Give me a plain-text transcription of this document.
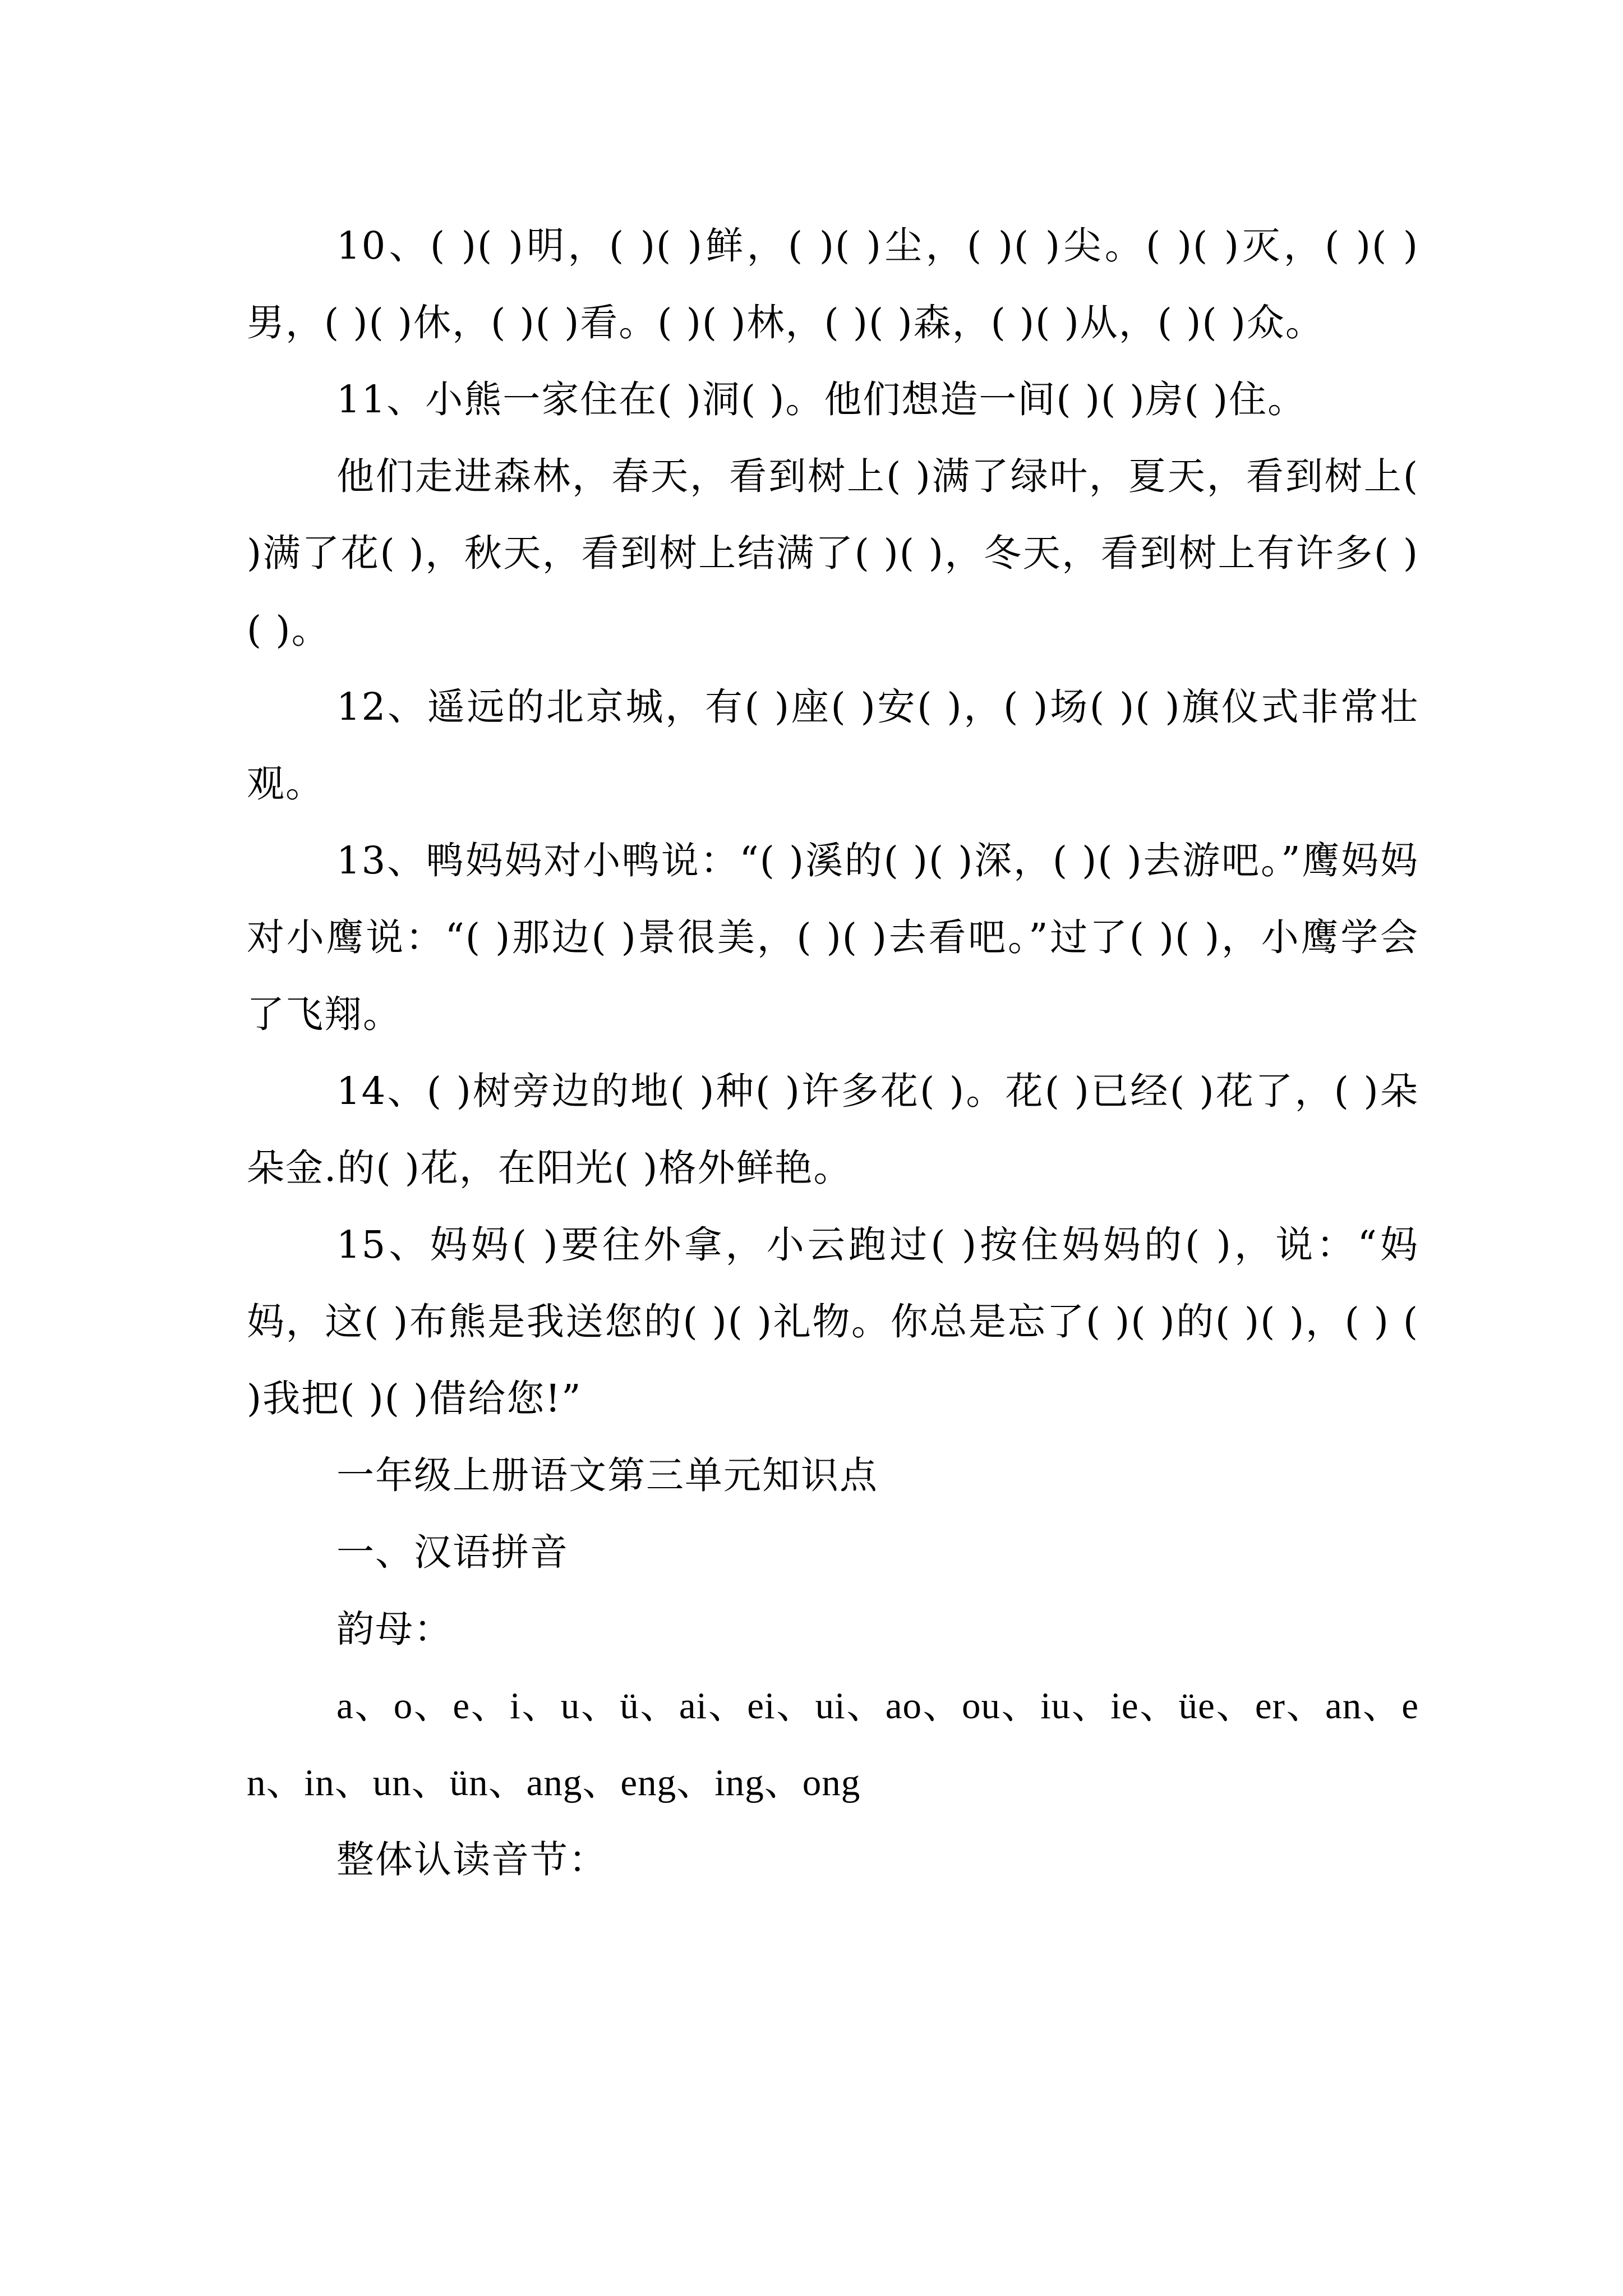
10、( )( )明，( )( )鲜，( )( )尘，( )( )尖。( )( )灭，( )( )男，( )( )休，( )( )看。( )( )林，( )( )森，( )( )从，( )( )众。

11、小熊一家住在( )洞( )。他们想造一间( )( )房( )住。

他们走进森林，春天，看到树上( )满了绿叶，夏天，看到树上( )满了花( )，秋天，看到树上结满了( )( )，冬天，看到树上有许多( )( )。

12、遥远的北京城，有( )座( )安( )，( )场( )( )旗仪式非常壮观。

13、鸭妈妈对小鸭说：“( )溪的( )( )深，( )( )去游吧。”鹰妈妈对小鹰说：“( )那边( )景很美，( )( )去看吧。”过了( )( )，小鹰学会了飞翔。

14、( )树旁边的地( )种( )许多花( )。花( )已经( )花了，( )朵朵金.的( )花，在阳光( )格外鲜艳。

15、妈妈( )要往外拿，小云跑过( )按住妈妈的( )，说：“妈妈，这( )布熊是我送您的( )( )礼物。你总是忘了( )( )的( )( )，( ) ( )我把( )( )借给您!”

一年级上册语文第三单元知识点

一、汉语拼音

韵母：

a、o、e、i、u、ü、ai、ei、ui、ao、ou、iu、ie、üe、er、an、en、in、un、ün、ang、eng、ing、ong

整体认读音节：
